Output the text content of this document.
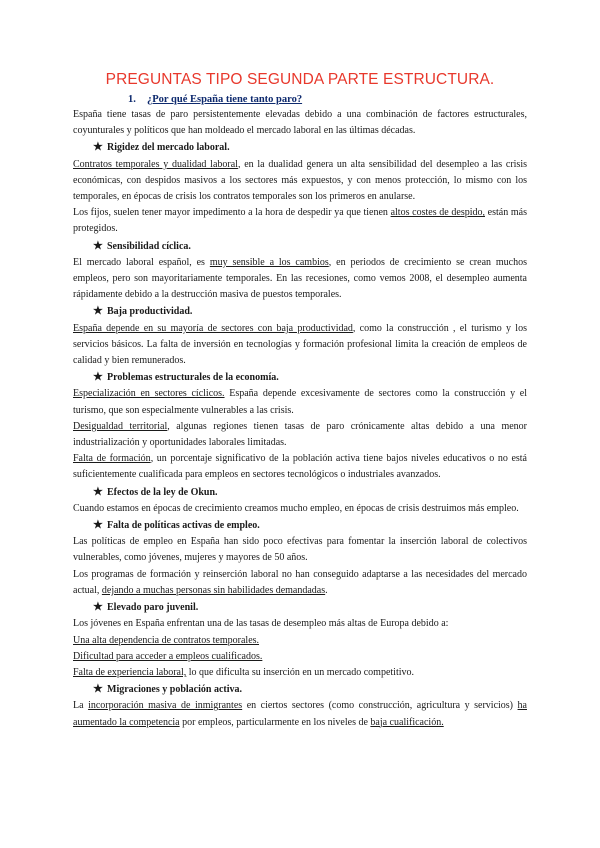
PREGUNTAS TIPO SEGUNDA PARTE ESTRUCTURA.
1. ¿Por qué España tiene tanto paro?

España tiene tasas de paro persistentemente elevadas debido a una combinación de factores estructurales, coyunturales y políticos que han moldeado el mercado laboral en las últimas décadas.

★ Rigidez del mercado laboral.

Contratos temporales y dualidad laboral, en la dualidad genera un alta sensibilidad del desempleo a las crisis económicas, con despidos masivos a los sectores más expuestos, y con menos protección, lo mismo con los temporales, en épocas de crisis los contratos temporales son los primeros en anularse.

Los fijos, suelen tener mayor impedimento a la hora de despedir ya que tienen altos costes de despido, están más protegidos.

★ Sensibilidad cíclica.

El mercado laboral español, es muy sensible a los cambios, en periodos de crecimiento se crean muchos empleos, pero son mayoritariamente temporales. En las recesiones, como vemos 2008, el desempleo aumenta rápidamente debido a la destrucción masiva de puestos temporales.

★ Baja productividad.

España depende en su mayoría de sectores con baja productividad, como la construcción , el turismo y los servicios básicos. La falta de inversión en tecnologías y formación profesional limita la creación de empleos de calidad y bien remunerados.

★ Problemas estructurales de la economía.

Especialización en sectores cíclicos. España depende excesivamente de sectores como la construcción y el turismo, que son especialmente vulnerables a las crisis.

Desigualdad territorial, algunas regiones tienen tasas de paro crónicamente altas debido a una menor industrialización y oportunidades laborales limitadas.

Falta de formación, un porcentaje significativo de la población activa tiene bajos niveles educativos o no está suficientemente cualificada para empleos en sectores tecnológicos o industriales avanzados.

★ Efectos de la ley de Okun.

Cuando estamos en épocas de crecimiento creamos mucho empleo, en épocas de crisis destruimos más empleo.

★ Falta de políticas activas de empleo.

Las políticas de empleo en España han sido poco efectivas para fomentar la inserción laboral de colectivos vulnerables, como jóvenes, mujeres y mayores de 50 años.

Los programas de formación y reinserción laboral no han conseguido adaptarse a las necesidades del mercado actual, dejando a muchas personas sin habilidades demandadas.

★ Elevado paro juvenil.

Los jóvenes en España enfrentan una de las tasas de desempleo más altas de Europa debido a:

Una alta dependencia de contratos temporales.

Dificultad para acceder a empleos cualificados.

Falta de experiencia laboral, lo que dificulta su inserción en un mercado competitivo.

★ Migraciones y población activa.

La incorporación masiva de inmigrantes en ciertos sectores (como construcción, agricultura y servicios) ha aumentado la competencia por empleos, particularmente en los niveles de baja cualificación.
